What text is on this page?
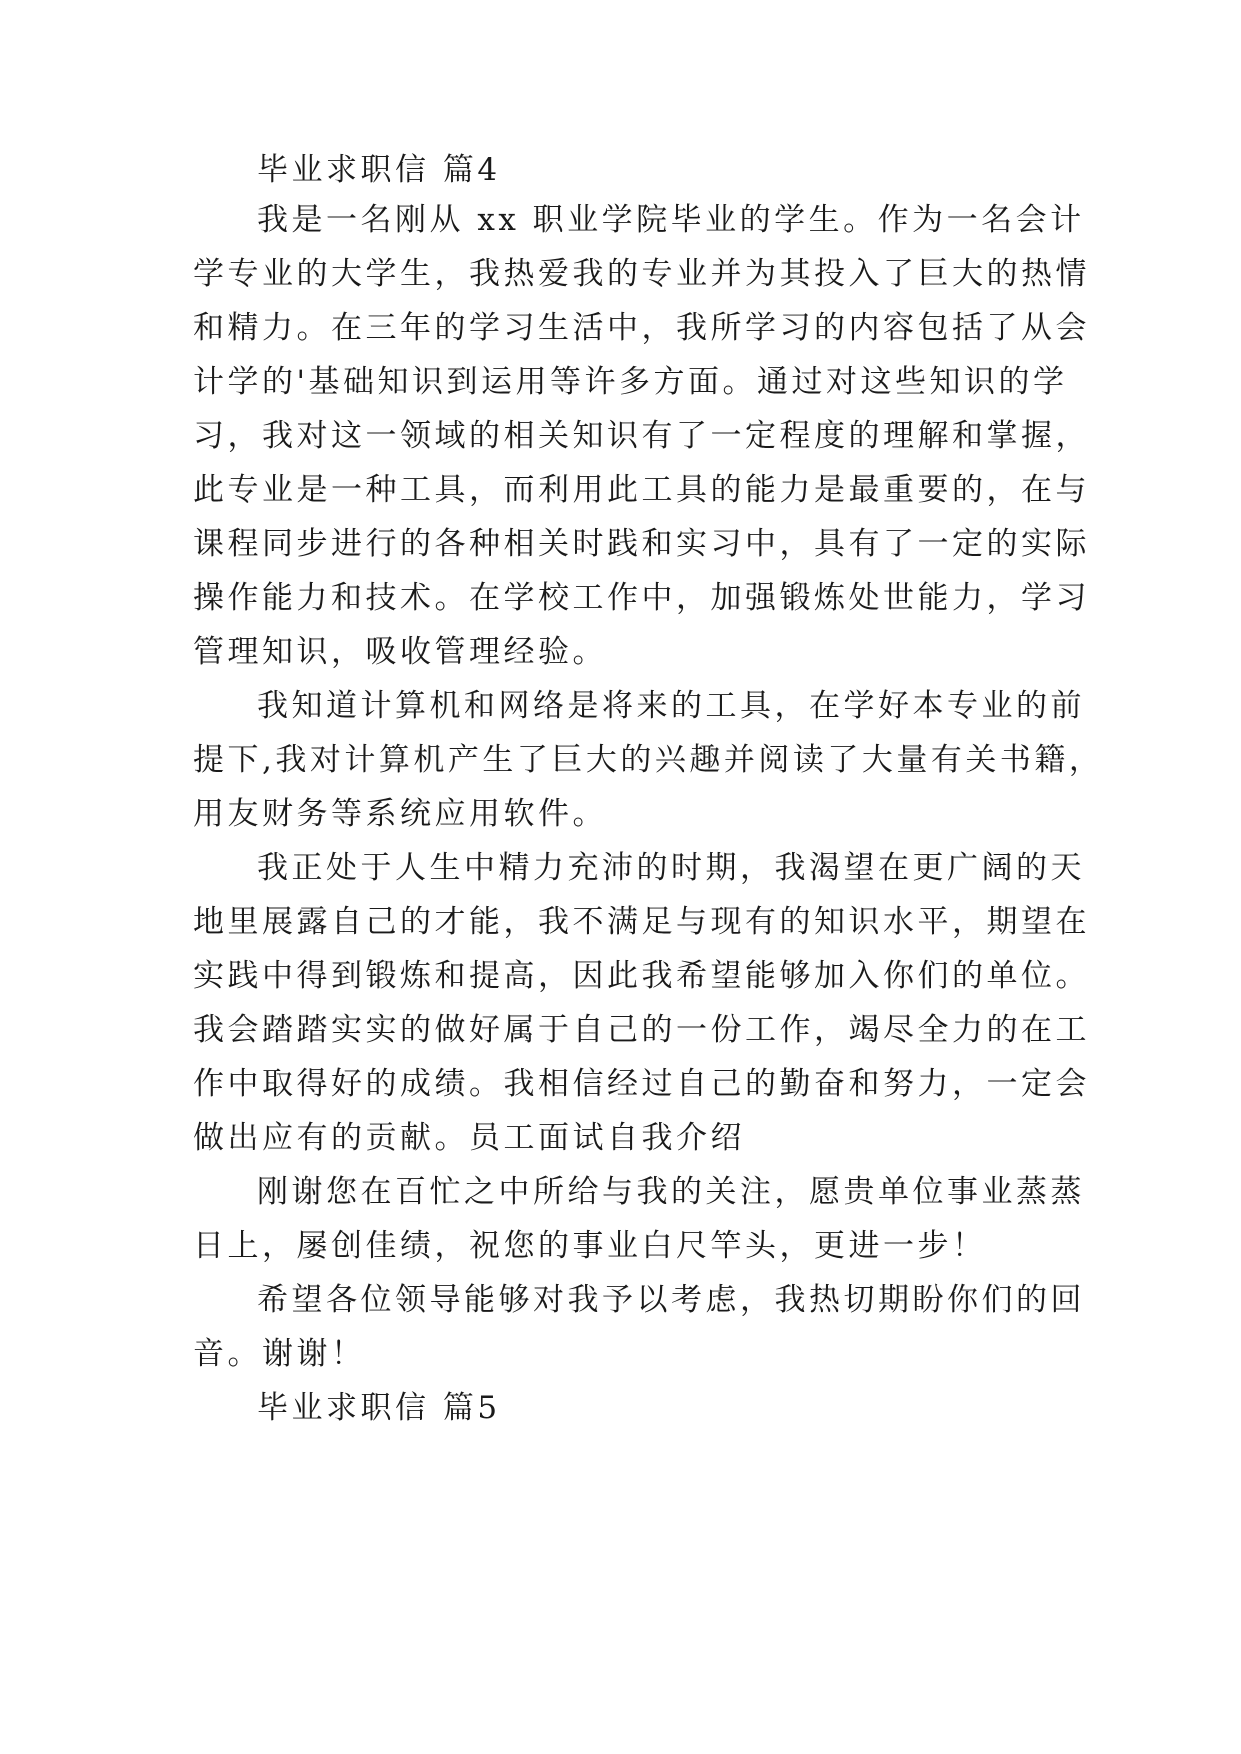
毕业求职信 篇4
我是一名刚从 xx 职业学院毕业的学生。作为一名会计
学专业的大学生，我热爱我的专业并为其投入了巨大的热情
和精力。在三年的学习生活中，我所学习的内容包括了从会
计学的'基础知识到运用等许多方面。通过对这些知识的学
习，我对这一领域的相关知识有了一定程度的理解和掌握，
此专业是一种工具，而利用此工具的能力是最重要的，在与
课程同步进行的各种相关时践和实习中，具有了一定的实际
操作能力和技术。在学校工作中，加强锻炼处世能力，学习
管理知识，吸收管理经验。
我知道计算机和网络是将来的工具，在学好本专业的前
提下,我对计算机产生了巨大的兴趣并阅读了大量有关书籍，
用友财务等系统应用软件。
我正处于人生中精力充沛的时期，我渴望在更广阔的天
地里展露自己的才能，我不满足与现有的知识水平，期望在
实践中得到锻炼和提高，因此我希望能够加入你们的单位。
我会踏踏实实的做好属于自己的一份工作，竭尽全力的在工
作中取得好的成绩。我相信经过自己的勤奋和努力，一定会
做出应有的贡献。员工面试自我介绍
刚谢您在百忙之中所给与我的关注，愿贵单位事业蒸蒸
日上，屡创佳绩，祝您的事业白尺竿头，更进一步！
希望各位领导能够对我予以考虑，我热切期盼你们的回
音。谢谢！
毕业求职信 篇5
